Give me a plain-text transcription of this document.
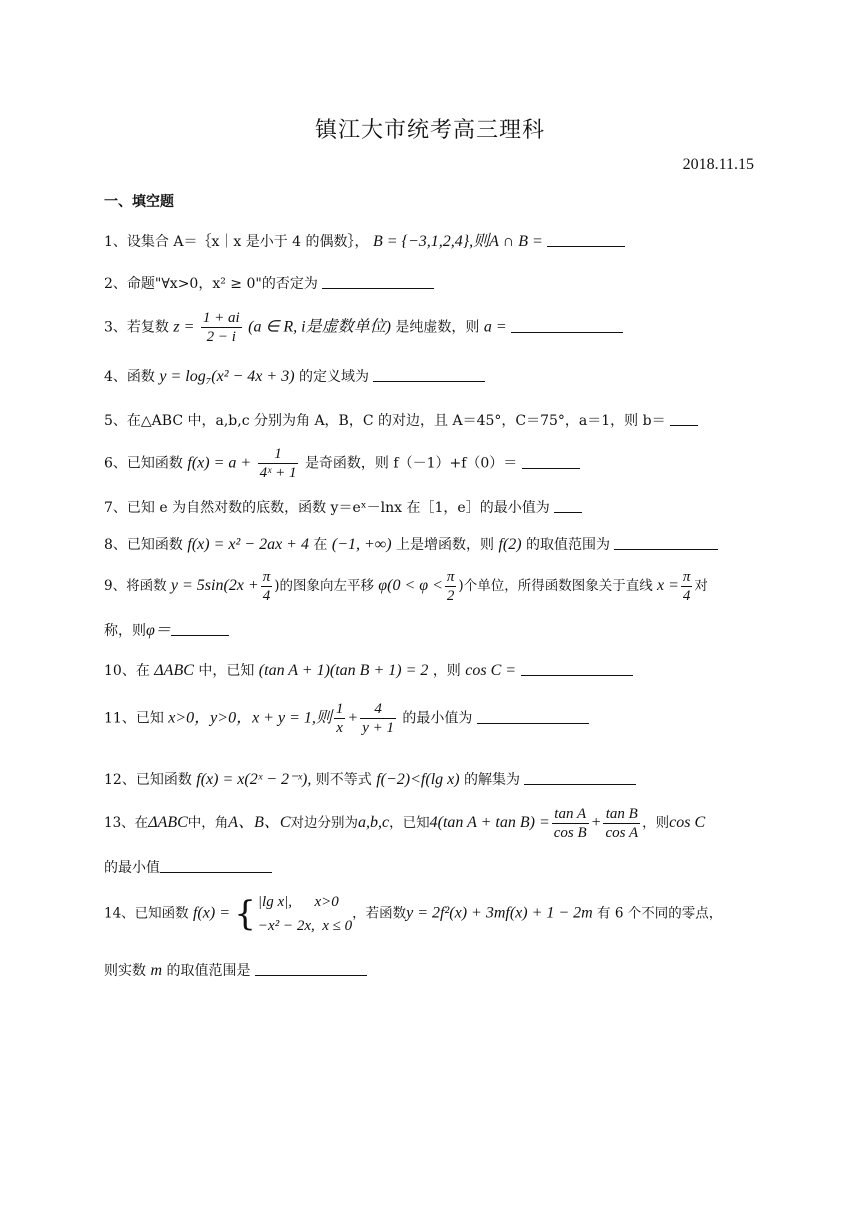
镇江大市统考高三理科
2018.11.15
一、填空题
1、设集合 A＝｛x｜x 是小于 4 的偶数｝， B = {−3,1,2,4},则A ∩ B =
2、命题"∀x>0，x² ≥ 0"的否定为
3、若复数 $z = \frac{1 + ai}{2 - i} (a$ ∈ R, i是虚数单位) 是纯虚数，则 a =
4、函数 y = log₇(x² − 4x + 3) 的定义域为
5、在△ABC 中，a,b,c 分别为角 A，B，C 的对边，且 A＝45°，C＝75°，a＝1，则 b＝
6、已知函数 $f(x) = a + \frac{1}{\text{4ˣ + 1}}$ 是奇函数，则 f（－1）+f（0）＝
7、已知 e 为自然对数的底数，函数 y＝eˣ－lnx 在［1，e］的最小值为
8、已知函数 f(x) = x² − 2ax + 4 在 (−1, +∞) 上是增函数，则 f(2) 的取值范围为
9、将函数 $y = 5\sin(2x + \frac{\pi}{4}$ )的图象向左平移 $\varphi(0 < \varphi < \frac{\pi}{2}$ )个单位，所得函数图象关于直线 $x = \frac{\pi}{4}$ 对
称，则φ＝
10、在 ΔABC 中，已知 (tan A + 1)(tan B + 1) = 2 ，则 cos C =
11、已知 x>0，y>0，x + y = 1,则 $\frac{1}{x} + \frac{4}{y + 1}$ 的最小值为
12、已知函数 f(x) = x(2ˣ − 2⁻ˣ), 则不等式 f(−2)<f(lg x) 的解集为
13、在ΔABC中，角A、B、C对边分别为a,b,c，已知4(tan $A + \tan B) = \frac{\text{tan A}}{\text{cos B}} + \frac{\text{tan B}}{\text{cos A}}$ ，则cos C
的最小值
14、已知函数 f(x) = { |lg x|, x>0
−x² − 2x, x ≤ 0
，若函数y = 2f²(x) + 3mf(x) + 1 − 2m 有 6 个不同的零点，
则实数 m 的取值范围是
